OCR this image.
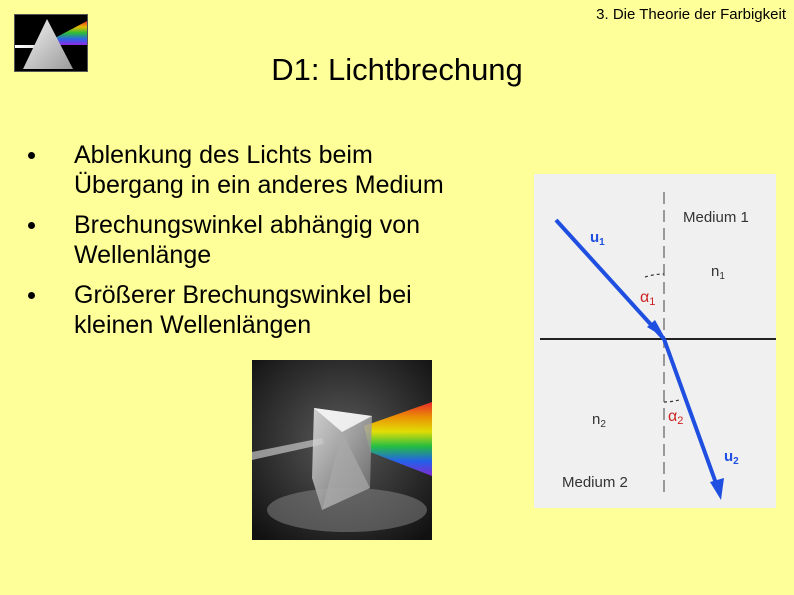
3. Die Theorie der Farbigkeit
D1: Lichtbrechung
Ablenkung des Lichts beim
Übergang in ein anderes Medium
Brechungswinkel abhängig von
Wellenlänge
Größerer Brechungswinkel bei
kleinen Wellenlängen
Medium 1
Medium 2
$u_1$
$u_2$
$n_1$
$n_2$
α1
α2
